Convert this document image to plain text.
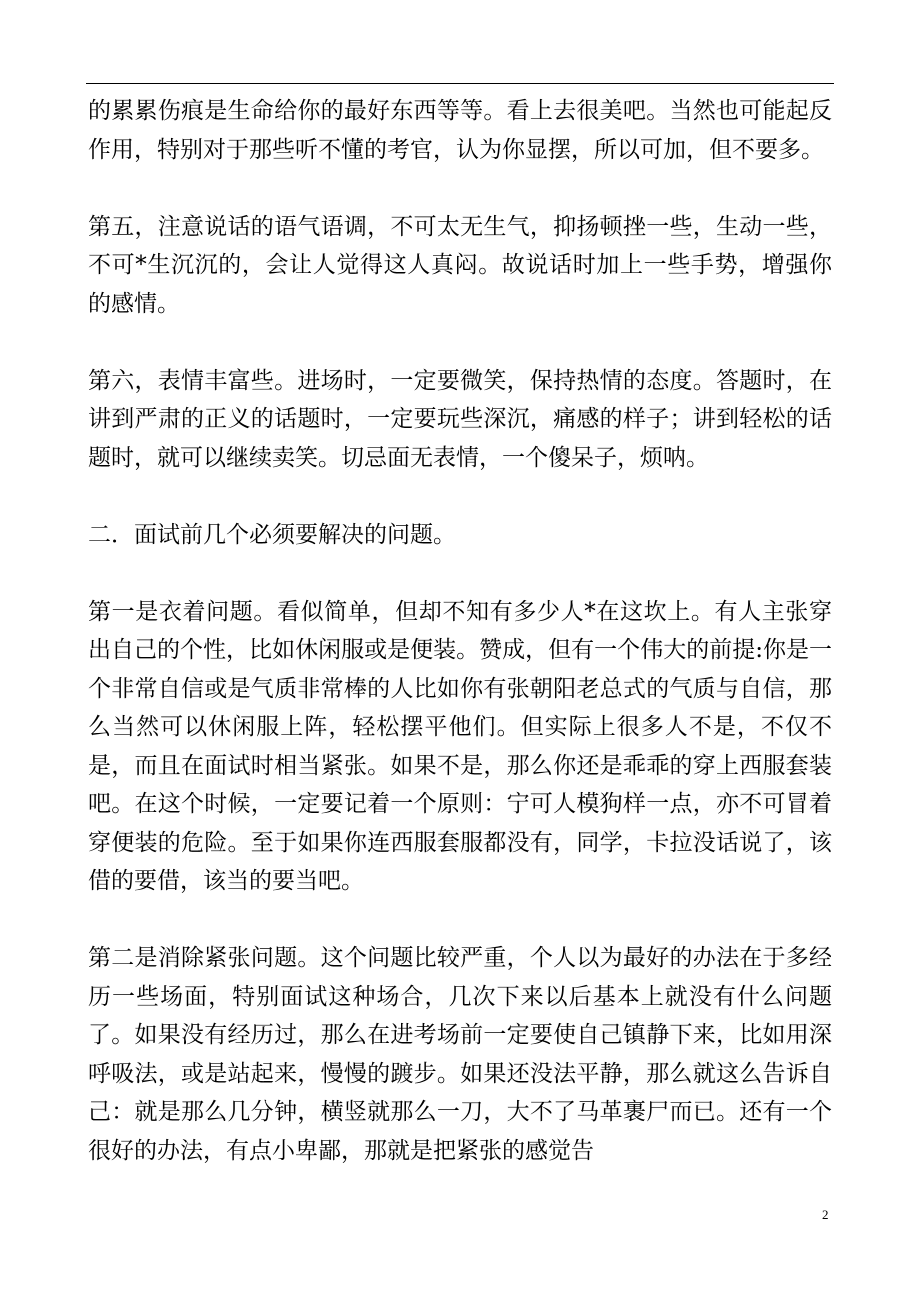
的累累伤痕是生命给你的最好东西等等。看上去很美吧。当然也可能起反作用，特别对于那些听不懂的考官，认为你显摆，所以可加，但不要多。

第五，注意说话的语气语调，不可太无生气，抑扬顿挫一些，生动一些，不可*生沉沉的，会让人觉得这人真闷。故说话时加上一些手势，增强你的感情。

第六，表情丰富些。进场时，一定要微笑，保持热情的态度。答题时，在讲到严肃的正义的话题时，一定要玩些深沉，痛感的样子；讲到轻松的话题时，就可以继续卖笑。切忌面无表情，一个傻呆子，烦呐。

二．面试前几个必须要解决的问题。

第一是衣着问题。看似简单，但却不知有多少人*在这坎上。有人主张穿出自己的个性，比如休闲服或是便装。赞成，但有一个伟大的前提:你是一个非常自信或是气质非常棒的人比如你有张朝阳老总式的气质与自信，那么当然可以休闲服上阵，轻松摆平他们。但实际上很多人不是，不仅不是，而且在面试时相当紧张。如果不是，那么你还是乖乖的穿上西服套装吧。在这个时候，一定要记着一个原则：宁可人模狗样一点，亦不可冒着穿便装的危险。至于如果你连西服套服都没有，同学，卡拉没话说了，该借的要借，该当的要当吧。

第二是消除紧张问题。这个问题比较严重，个人以为最好的办法在于多经历一些场面，特别面试这种场合，几次下来以后基本上就没有什么问题了。如果没有经历过，那么在进考场前一定要使自己镇静下来，比如用深呼吸法，或是站起来，慢慢的踱步。如果还没法平静，那么就这么告诉自己：就是那么几分钟，横竖就那么一刀，大不了马革裹尸而已。还有一个很好的办法，有点小卑鄙，那就是把紧张的感觉告

2
